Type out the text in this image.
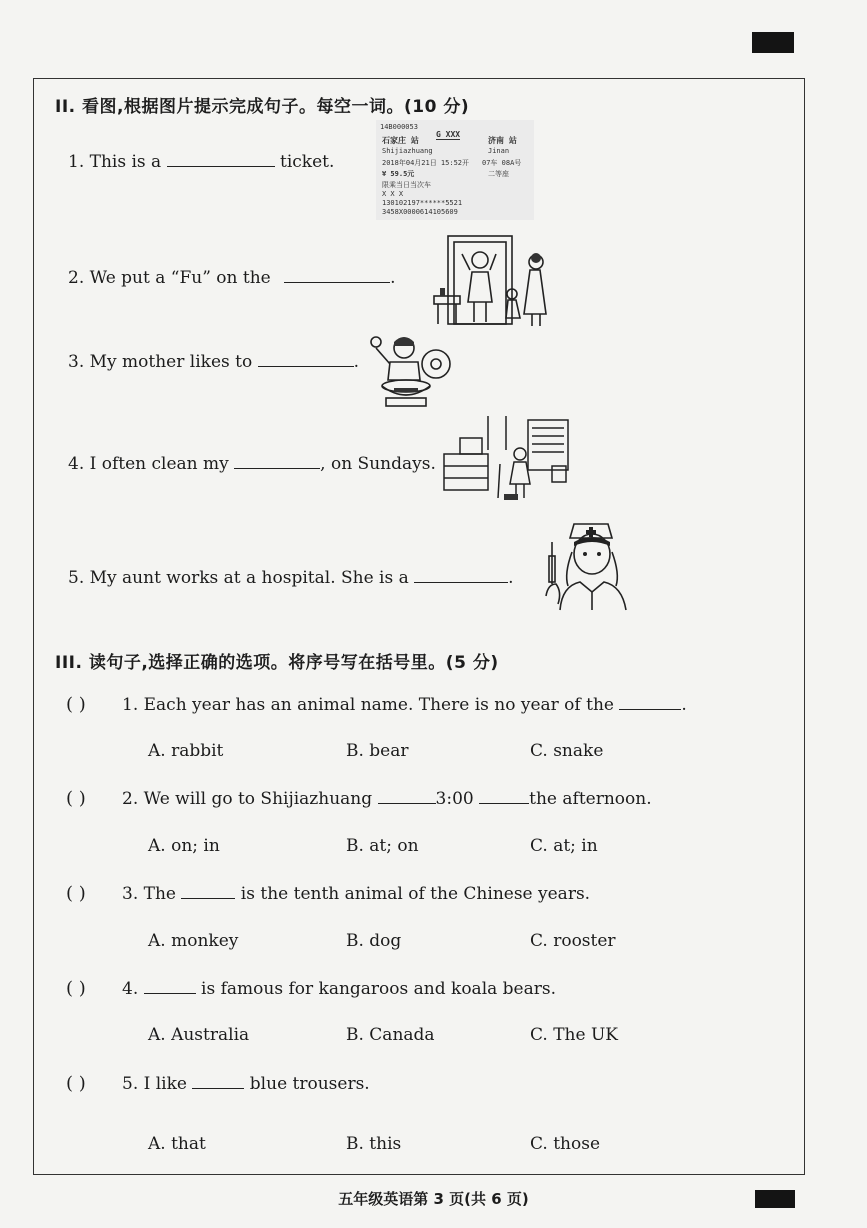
II. 看图,根据图片提示完成句子。每空一词。(10 分)
1. This is a	ticket.
14B000053
石家庄 站
G XXX
济南 站
Shijiazhuang	Jinan
2018年04月21日 15:52开 07车 08A号
¥ 59.5元	二等座
限乘当日当次车
X X X
130102197******5521
3458X0000614105609
2. We put a “Fu” on the	.
3. My mother likes to	.
4. I often clean my	, on Sundays.
5. My aunt works at a hospital. She is a	.
III. 读句子,选择正确的选项。将序号写在括号里。(5 分)
( ) 1. Each year has an animal name. There is no year of the	.
A. rabbit	B. bear	C. snake
( ) 2. We will go to Shijiazhuang	3:00	the afternoon.
A. on; in	B. at; on	C. at; in
( ) 3. The	is the tenth animal of the Chinese years.
A. monkey	B. dog	C. rooster
( ) 4.	is famous for kangaroos and koala bears.
A. Australia	B. Canada	C. The UK
( ) 5. I like	blue trousers.
A. that	B. this	C. those
五年级英语第 3 页(共 6 页)
